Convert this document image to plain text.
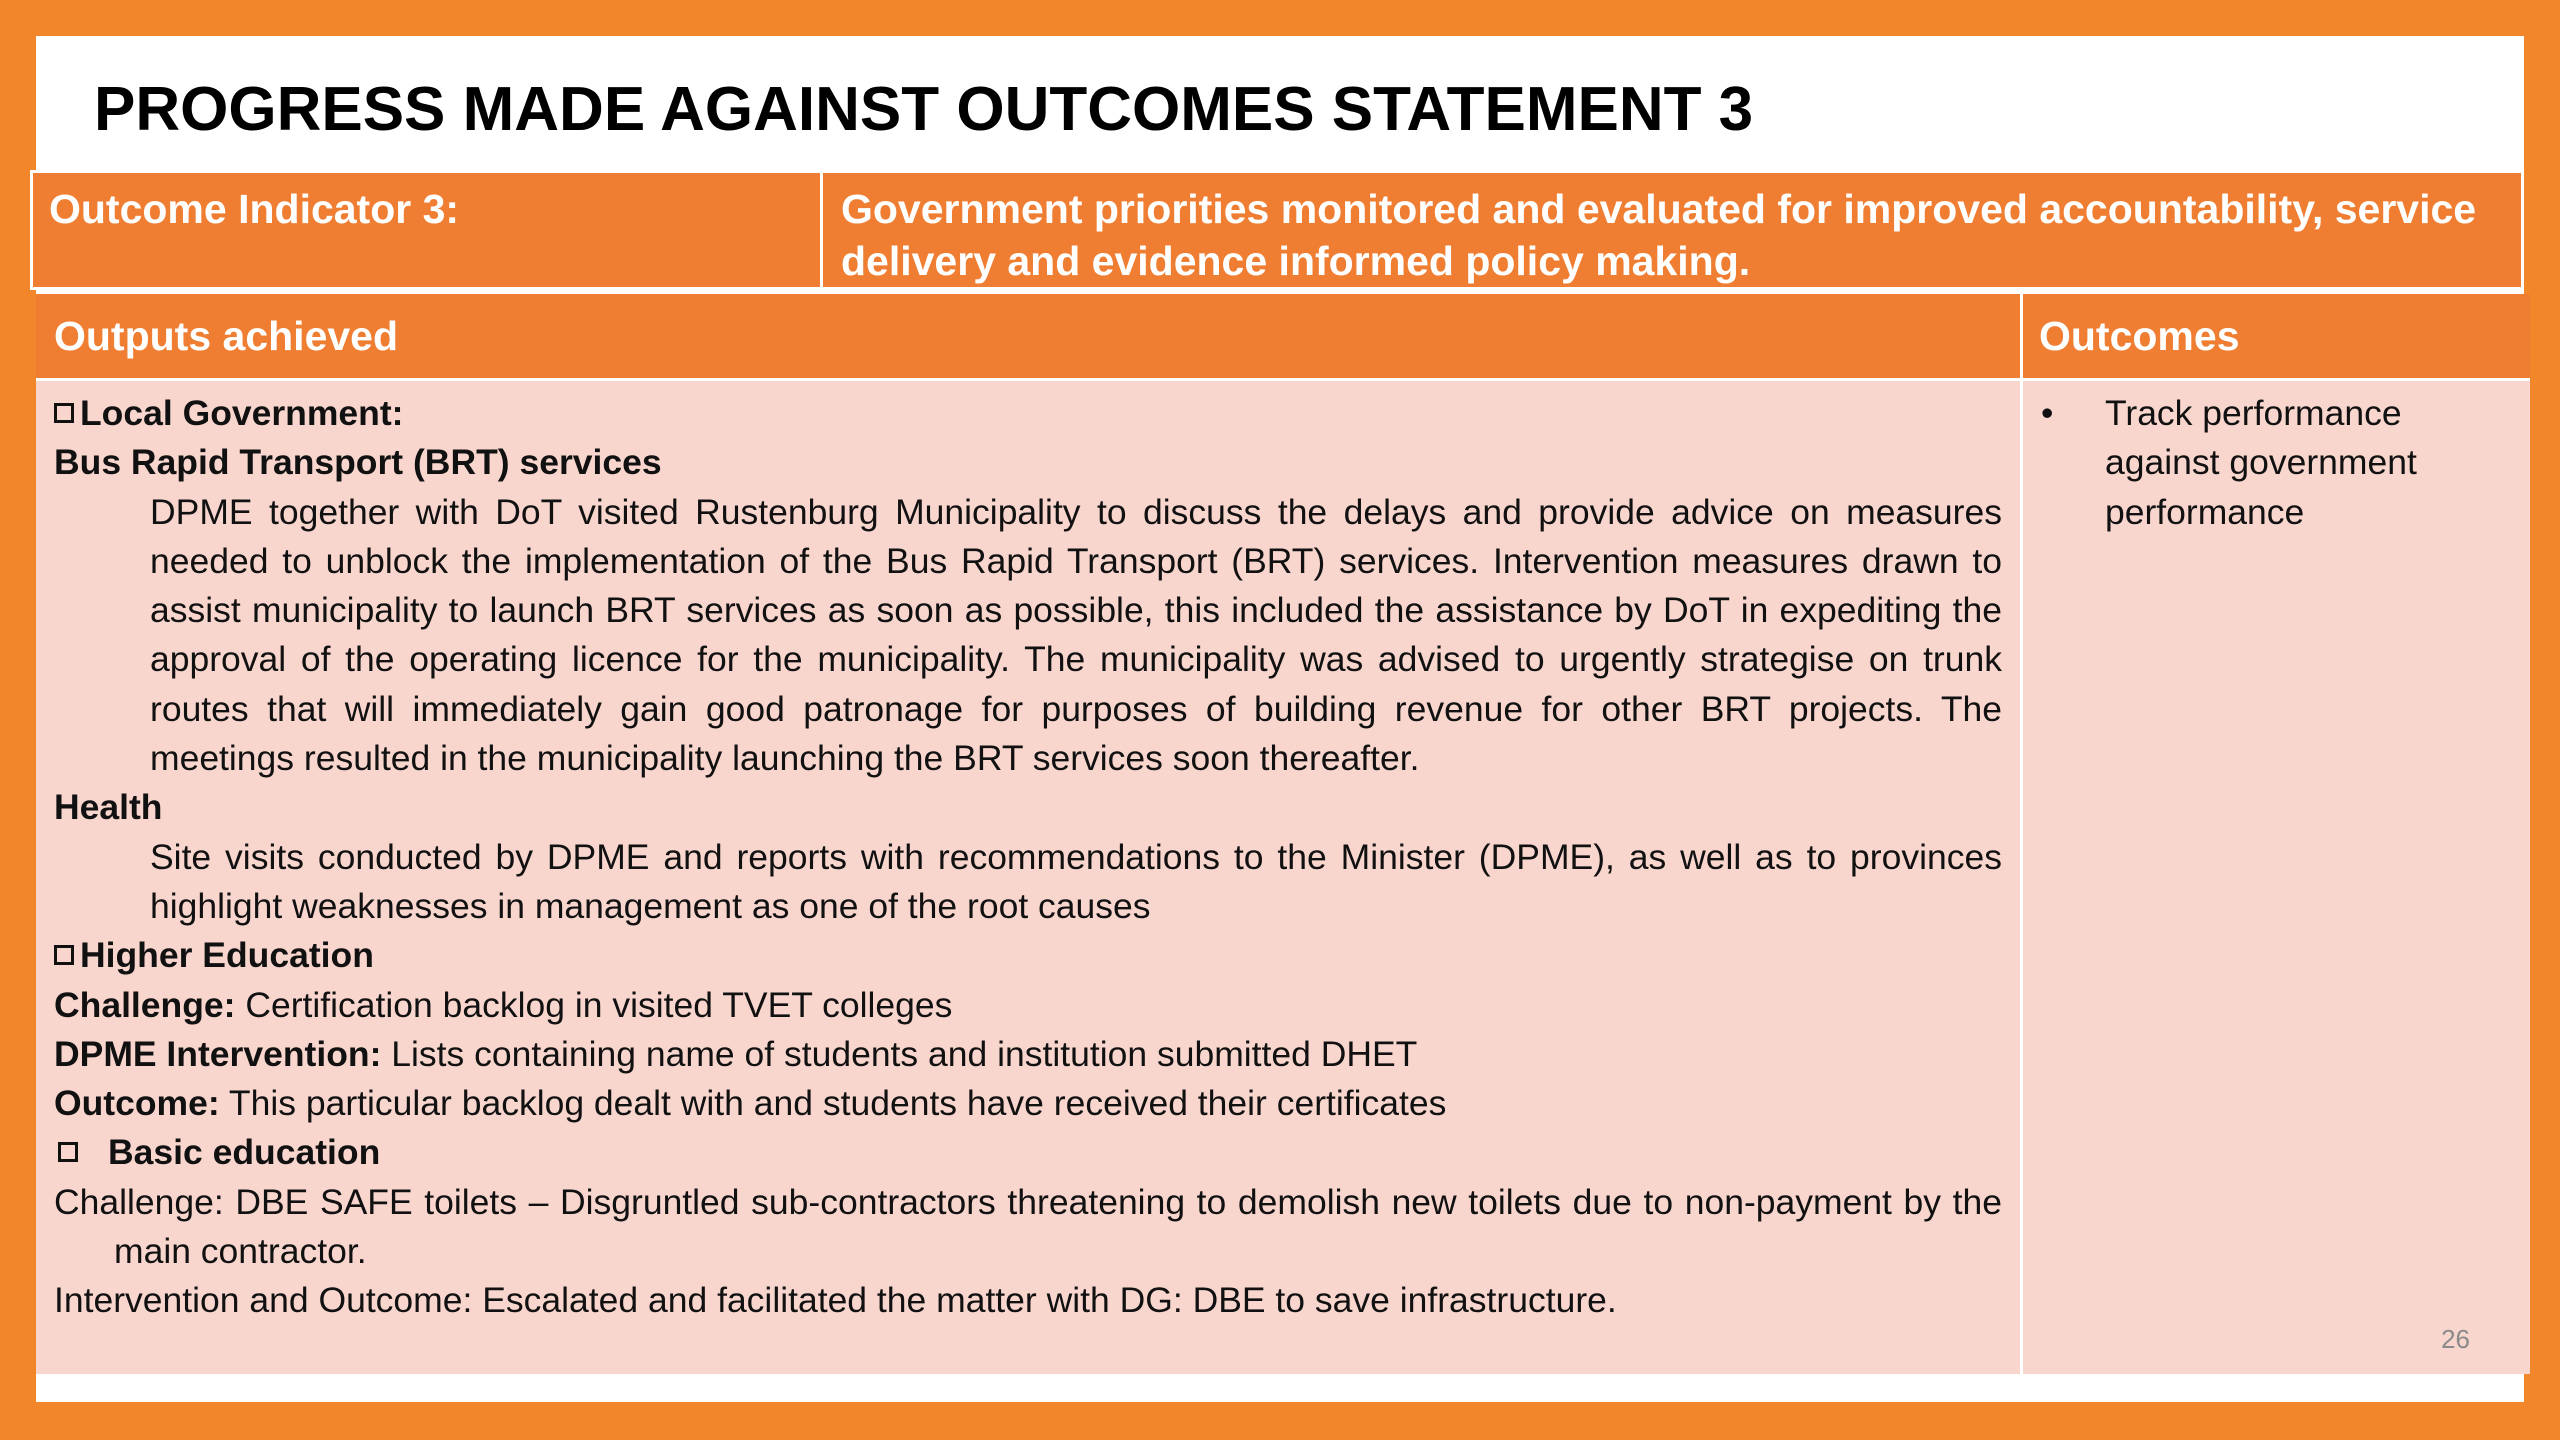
PROGRESS MADE AGAINST OUTCOMES STATEMENT 3
Outcome Indicator 3:	Government priorities monitored and evaluated for improved accountability, service delivery and evidence informed policy making.
Outputs achieved	Outcomes

Local Government:

Bus Rapid Transport (BRT) services

DPME together with DoT visited Rustenburg Municipality to discuss the delays and provide advice on measures needed to unblock the implementation of the Bus Rapid Transport (BRT) services. Intervention measures drawn to assist municipality to launch BRT services as soon as possible, this included the assistance by DoT in expediting the approval of the operating licence for the municipality. The municipality was advised to urgently strategise on trunk routes that will immediately gain good patronage for purposes of building revenue for other BRT projects. The meetings resulted in the municipality launching the BRT services soon thereafter.

Health

Site visits conducted by DPME and reports with recommendations to the Minister (DPME), as well as to provinces highlight weaknesses in management as one of the root causes

Higher Education

Challenge: Certification backlog in visited TVET colleges

DPME Intervention: Lists containing name of students and institution submitted DHET

Outcome: This particular backlog dealt with and students have received their certificates

Basic education

Challenge: DBE SAFE toilets – Disgruntled sub-contractors threatening to demolish new toilets due to non-payment by the main contractor.

Intervention and Outcome: Escalated and facilitated the matter with DG: DBE to save infrastructure.

•	Track performance against government performance
26
